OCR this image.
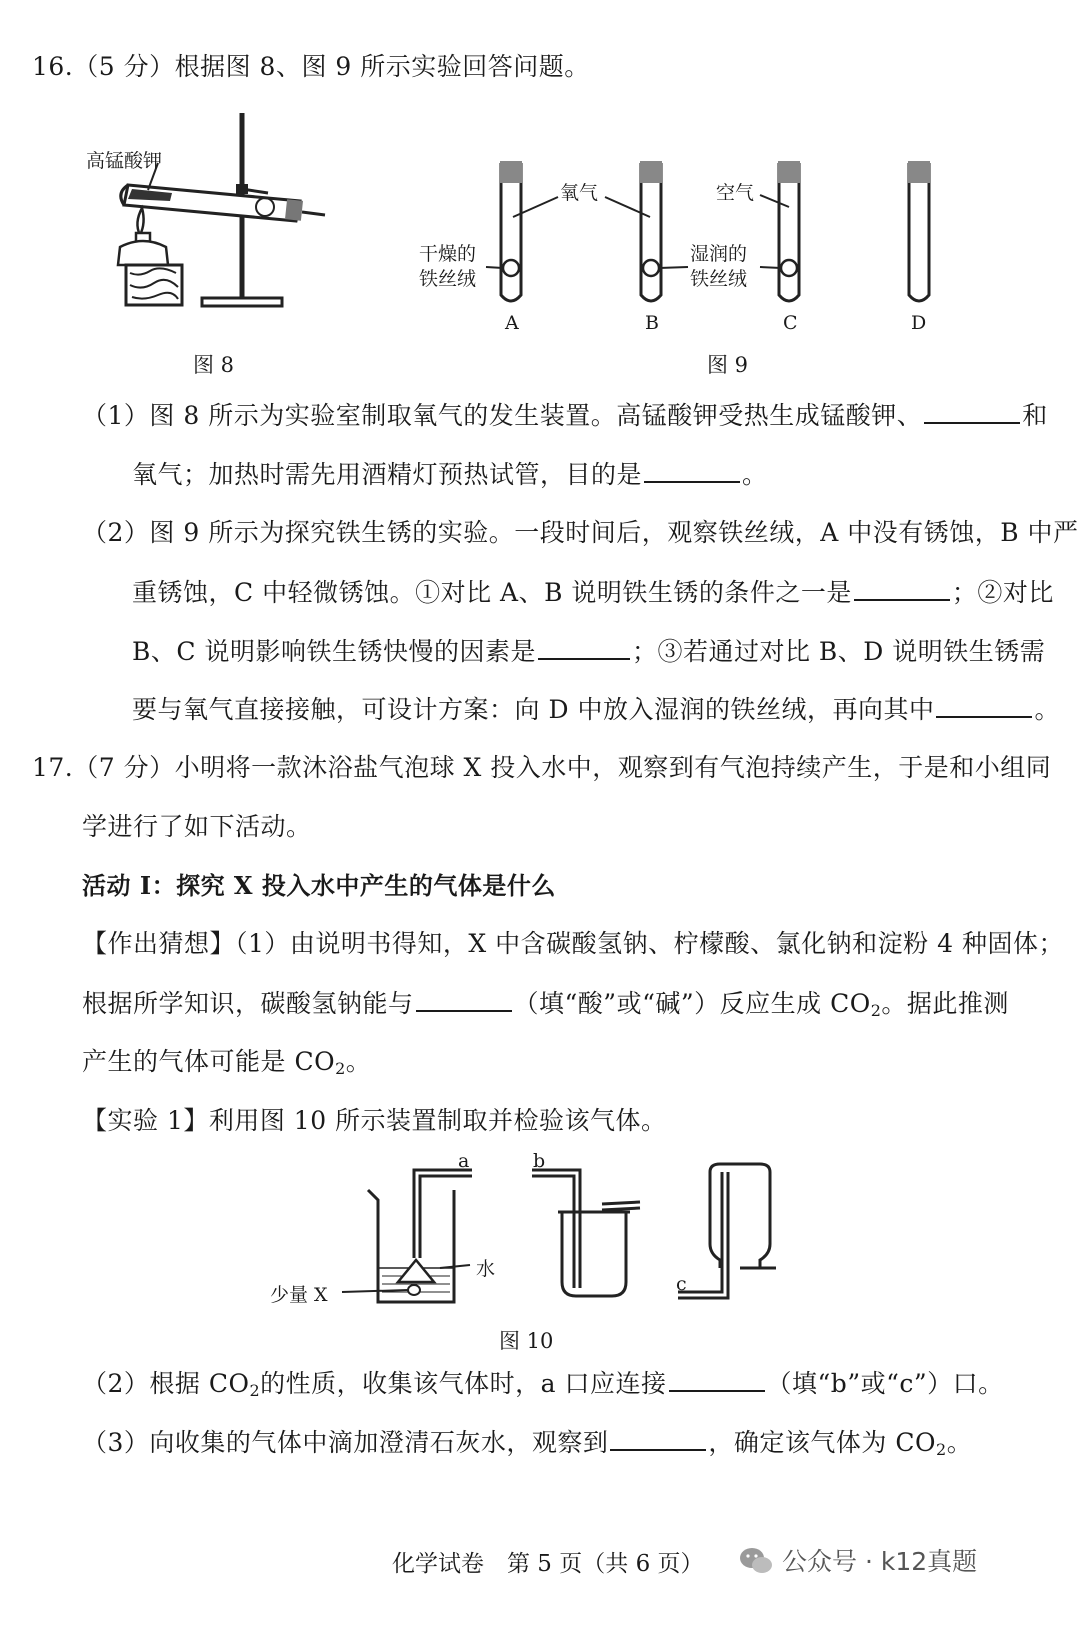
16.（5 分）根据图 8、图 9 所示实验回答问题。
高锰酸钾
图 8
氧气	空气
干燥的
铁丝绒
湿润的
铁丝绒
A	B	C	D
图 9
（1）图 8 所示为实验室制取氧气的发生装置。高锰酸钾受热生成锰酸钾、	和
氧气；加热时需先用酒精灯预热试管，目的是	。
（2）图 9 所示为探究铁生锈的实验。一段时间后，观察铁丝绒，A 中没有锈蚀，B 中严
重锈蚀，C 中轻微锈蚀。①对比 A、B 说明铁生锈的条件之一是	；②对比
B、C 说明影响铁生锈快慢的因素是	；③若通过对比 B、D 说明铁生锈需
要与氧气直接接触，可设计方案：向 D 中放入湿润的铁丝绒，再向其中	。
17.（7 分）小明将一款沐浴盐气泡球 X 投入水中，观察到有气泡持续产生，于是和小组同
学进行了如下活动。
活动 I：探究 X 投入水中产生的气体是什么
【作出猜想】（1）由说明书得知，X 中含碳酸氢钠、柠檬酸、氯化钠和淀粉 4 种固体；
根据所学知识，碳酸氢钠能与	（填“酸”或“碱”）反应生成 $CO_2$。据此推测
产生的气体可能是 $CO_2$。
【实验 1】利用图 10 所示装置制取并检验该气体。
a	b
c
水
少量 X
图 10
（2）根据 $CO_2$的性质，收集该气体时，a 口应连接	（填“b”或“c”）口。
（3）向收集的气体中滴加澄清石灰水，观察到	，确定该气体为 $CO_2$。
化学试卷　第 5 页（共 6 页）	公众号 · k12真题
